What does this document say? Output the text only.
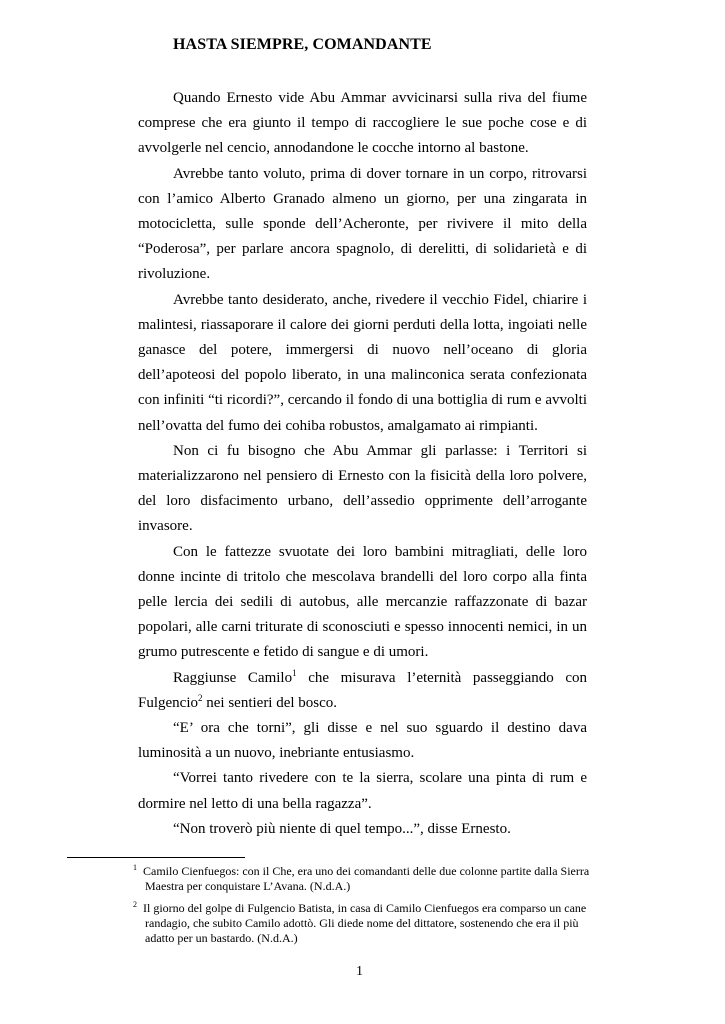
HASTA SIEMPRE, COMANDANTE

Quando Ernesto vide Abu Ammar avvicinarsi sulla riva del fiume comprese che era giunto il tempo di raccogliere le sue poche cose e di avvolgerle nel cencio, annodandone le cocche intorno al bastone.

Avrebbe tanto voluto, prima di dover tornare in un corpo, ritrovarsi con l’amico Alberto Granado almeno un giorno, per una zingarata in motocicletta, sulle sponde dell’Acheronte, per rivivere il mito della “Poderosa”, per parlare ancora spagnolo, di derelitti, di solidarietà e di rivoluzione.

Avrebbe tanto desiderato, anche, rivedere il vecchio Fidel, chiarire i malintesi, riassaporare il calore dei giorni perduti della lotta, ingoiati nelle ganasce del potere, immergersi di nuovo nell’oceano di gloria dell’apoteosi del popolo liberato, in una malinconica serata confezionata con infiniti “ti ricordi?”, cercando il fondo di una bottiglia di rum e avvolti nell’ovatta del fumo dei cohiba robustos, amalgamato ai rimpianti.

Non ci fu bisogno che Abu Ammar gli parlasse: i Territori si materializzarono nel pensiero di Ernesto con la fisicità della loro polvere, del loro disfacimento urbano, dell’assedio opprimente dell’arrogante invasore.

Con le fattezze svuotate dei loro bambini mitragliati, delle loro donne incinte di tritolo che mescolava brandelli del loro corpo alla finta pelle lercia dei sedili di autobus, alle mercanzie raffazzonate di bazar popolari, alle carni triturate di sconosciuti e spesso innocenti nemici, in un grumo putrescente e fetido di sangue e di umori.

Raggiunse Camilo$^1$ che misurava l’eternità passeggiando con Fulgencio$^2$ nei sentieri del bosco.

“E’ ora che torni”, gli disse e nel suo sguardo il destino dava luminosità a un nuovo, inebriante entusiasmo.

“Vorrei tanto rivedere con te la sierra, scolare una pinta di rum e dormire nel letto di una bella ragazza”.

“Non troverò più niente di quel tempo...”, disse Ernesto.

$^1$ Camilo Cienfuegos: con il Che, era uno dei comandanti delle due colonne partite dalla Sierra Maestra per conquistare L’Avana. (N.d.A.)

$^2$ Il giorno del golpe di Fulgencio Batista, in casa di Camilo Cienfuegos era comparso un cane randagio, che subito Camilo adottò. Gli diede nome del dittatore, sostenendo che era il più adatto per un bastardo. (N.d.A.)

1
